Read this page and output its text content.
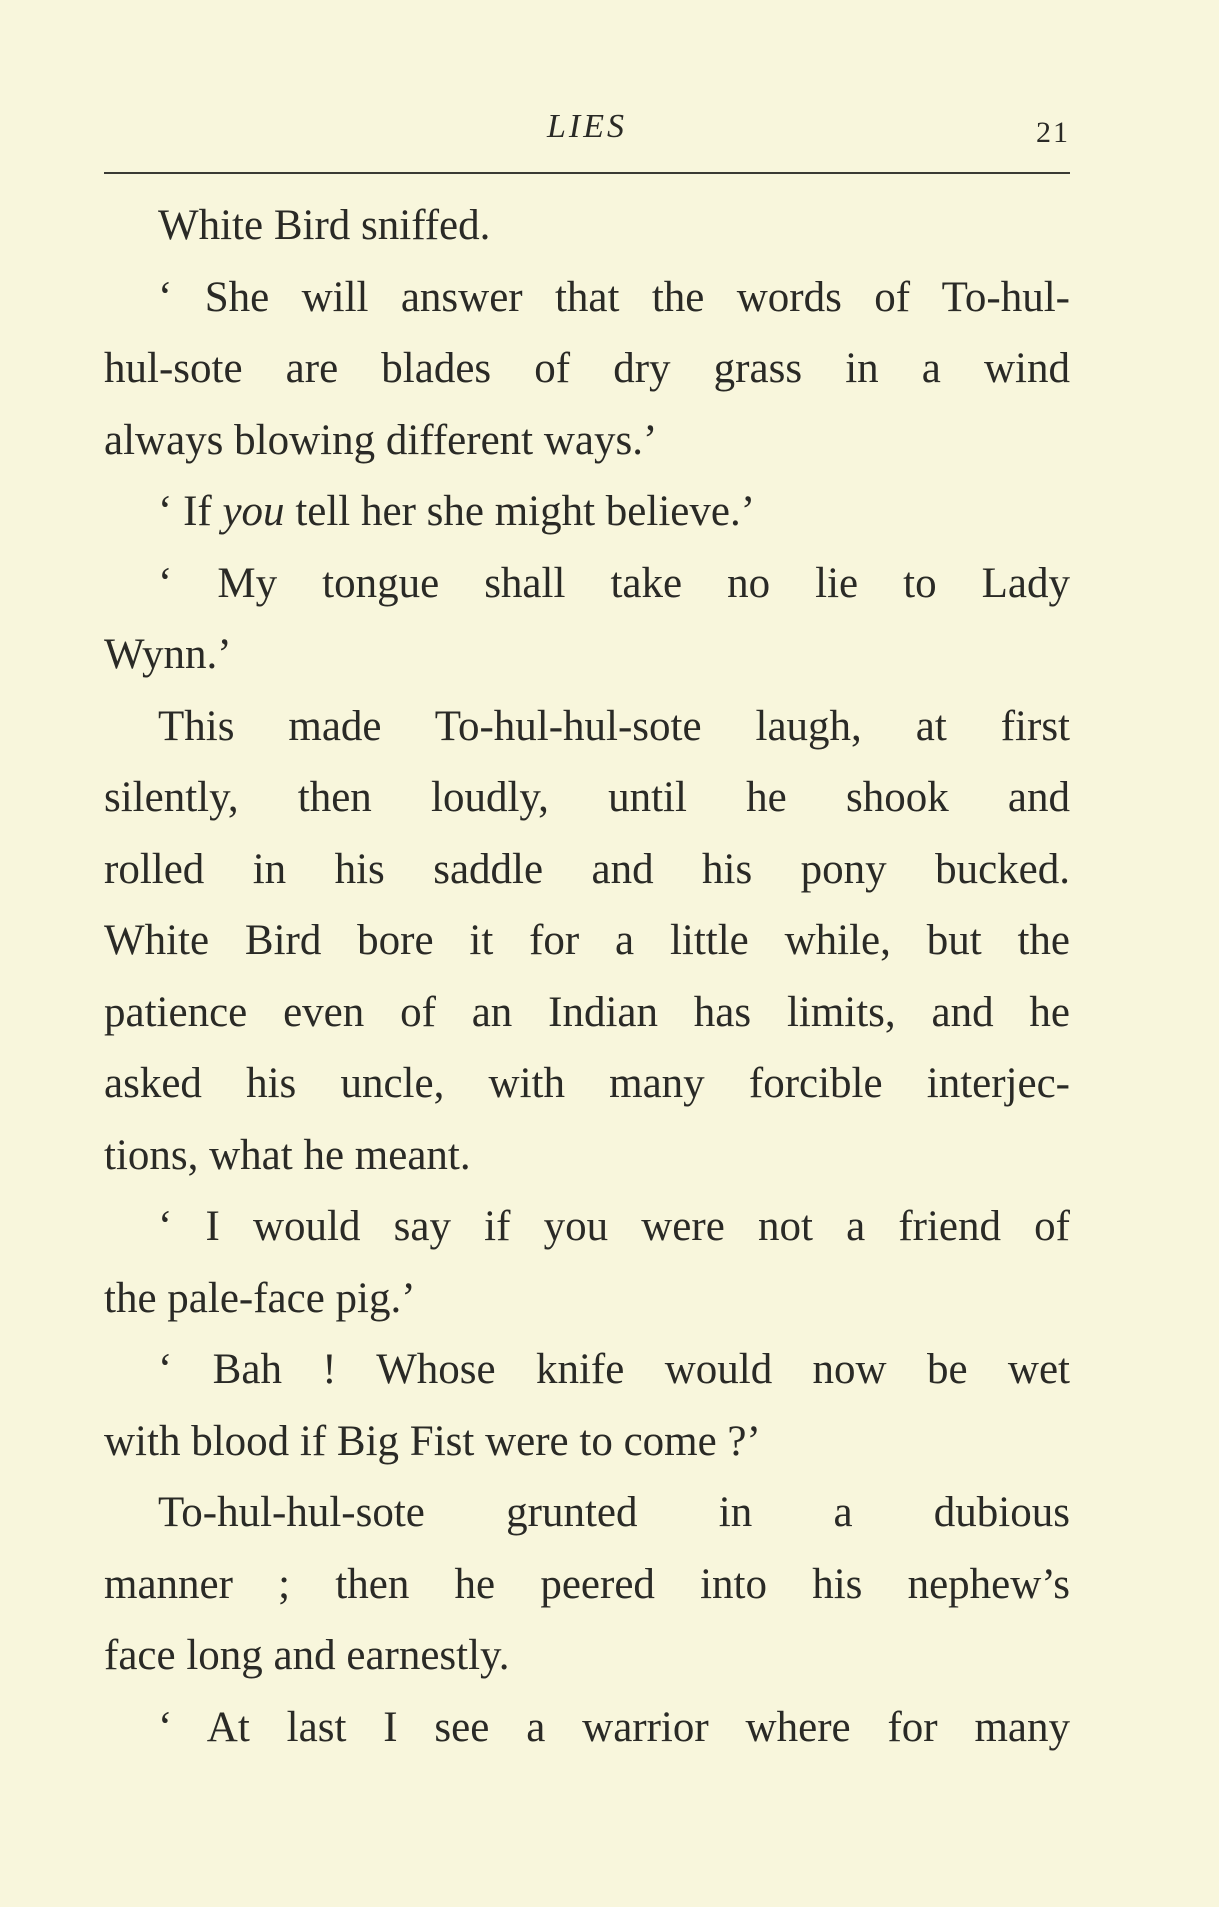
LIES	21
White Bird sniffed.
‘ She will answer that the words of To-hul-
hul-sote are blades of dry grass in a wind
always blowing different ways.’
‘ If you tell her she might believe.’
‘ My tongue shall take no lie to Lady
Wynn.’
This made To-hul-hul-sote laugh, at first
silently, then loudly, until he shook and
rolled in his saddle and his pony bucked.
White Bird bore it for a little while, but the
patience even of an Indian has limits, and he
asked his uncle, with many forcible interjec-
tions, what he meant.
‘ I would say if you were not a friend of
the pale-face pig.’
‘ Bah ! Whose knife would now be wet
with blood if Big Fist were to come ?’
To-hul-hul-sote grunted in a dubious
manner ; then he peered into his nephew’s
face long and earnestly.
‘ At last I see a warrior where for many
